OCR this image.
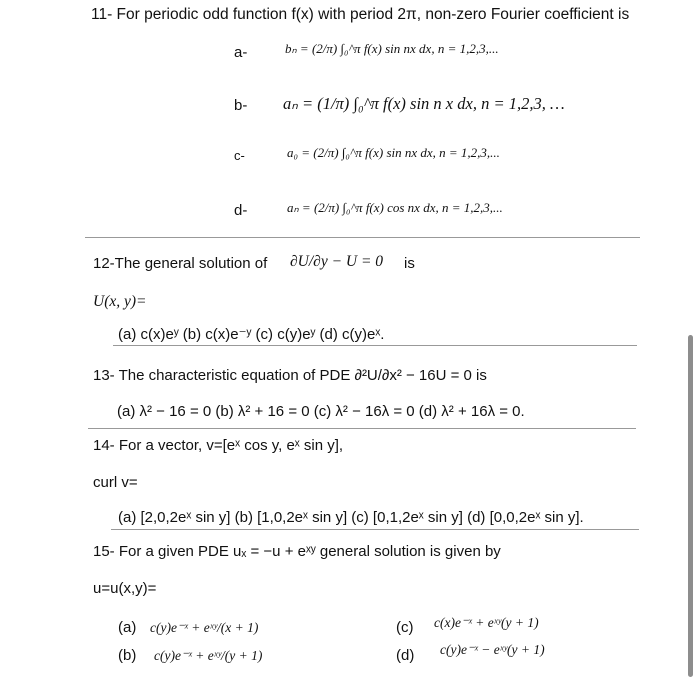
11- For periodic odd function f(x) with period 2π, non-zero Fourier coefficient is
a-	bₙ = (2/π) ∫₀^π f(x) sin nx dx, n = 1,2,3,...
b- aₙ = (1/π) ∫₀^π f(x) sin n x dx, n = 1,2,3, …
c-	a₀ = (2/π) ∫₀^π f(x) sin nx dx, n = 1,2,3,...
d-	aₙ = (2/π) ∫₀^π f(x) cos nx dx, n = 1,2,3,...
12-The general solution of ∂U/∂y − U = 0 is
U(x, y)=
(a) c(x)eʸ (b) c(x)e⁻ʸ (c) c(y)eʸ (d) c(y)eˣ.
13- The characteristic equation of PDE ∂²U/∂x² − 16U = 0 is
(a) λ² − 16 = 0 (b) λ² + 16 = 0 (c) λ² − 16λ = 0 (d) λ² + 16λ = 0.
14- For a vector, v=[eˣ cos y, eˣ sin y],
curl v=
(a) [2,0,2eˣ sin y] (b) [1,0,2eˣ sin y] (c) [0,1,2eˣ sin y] (d) [0,0,2eˣ sin y].
15- For a given PDE uₓ = −u + eˣʸ general solution is given by
u=u(x,y)=
(a) c(y)e⁻ˣ + eˣʸ/(x + 1)
(b) c(y)e⁻ˣ + eˣʸ/(y + 1)
(c) c(x)e⁻ˣ + eˣʸ(y + 1)
(d) c(y)e⁻ˣ − eˣʸ(y + 1)
